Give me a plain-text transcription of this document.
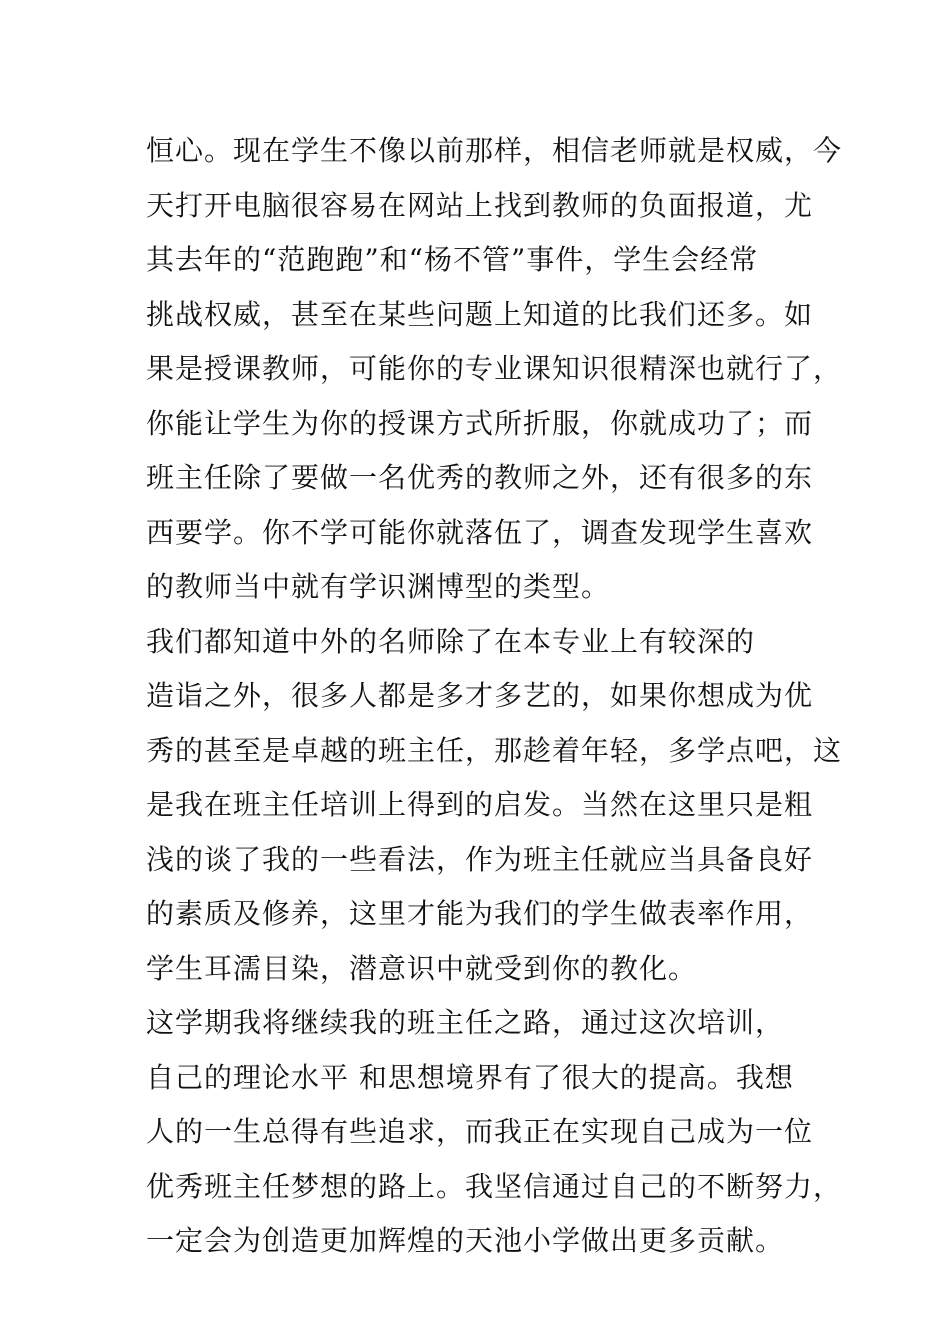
恒心。现在学生不像以前那样，相信老师就是权威，今
天打开电脑很容易在网站上找到教师的负面报道，尤
其去年的“范跑跑”和“杨不管”事件，学生会经常
挑战权威，甚至在某些问题上知道的比我们还多。如
果是授课教师，可能你的专业课知识很精深也就行了，
你能让学生为你的授课方式所折服，你就成功了；而
班主任除了要做一名优秀的教师之外，还有很多的东
西要学。你不学可能你就落伍了，调查发现学生喜欢
的教师当中就有学识渊博型的类型。
我们都知道中外的名师除了在本专业上有较深的
造诣之外，很多人都是多才多艺的，如果你想成为优
秀的甚至是卓越的班主任，那趁着年轻，多学点吧，这
是我在班主任培训上得到的启发。当然在这里只是粗
浅的谈了我的一些看法，作为班主任就应当具备良好
的素质及修养，这里才能为我们的学生做表率作用，
学生耳濡目染，潜意识中就受到你的教化。
这学期我将继续我的班主任之路，通过这次培训，
自己的理论水平 和思想境界有了很大的提高。我想
人的一生总得有些追求，而我正在实现自己成为一位
优秀班主任梦想的路上。我坚信通过自己的不断努力，
一定会为创造更加辉煌的天池小学做出更多贡献。
